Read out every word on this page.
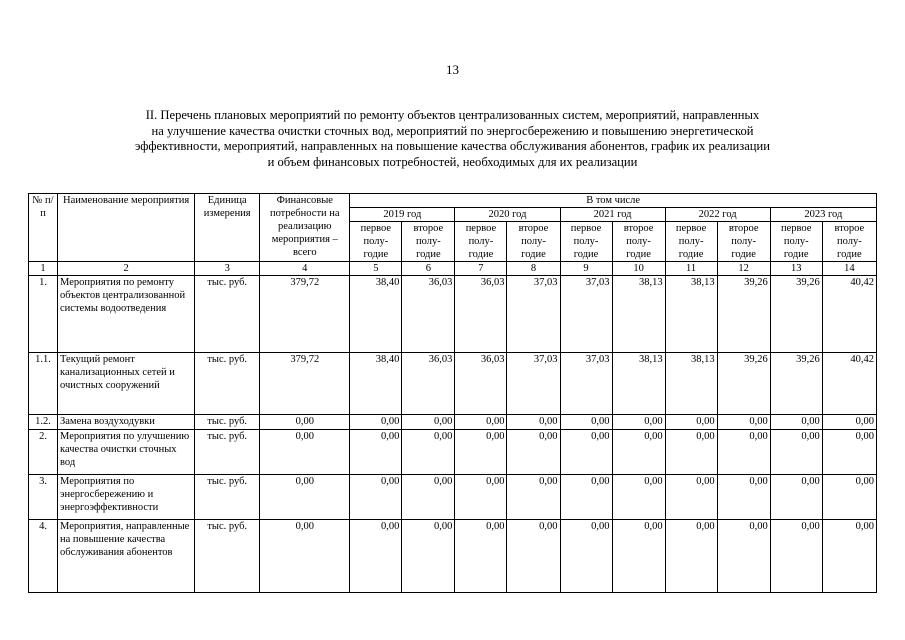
13
II. Перечень плановых мероприятий по ремонту объектов централизованных систем, мероприятий, направленных
на улучшение качества очистки сточных вод, мероприятий по энергосбережению и повышению энергетической
эффективности, мероприятий, направленных на повышение качества обслуживания абонентов, график их реализации
и объем финансовых потребностей, необходимых для их реализации
№ п/п	Наименование мероприятия	Единица измерения	Финансовые потребности на реализацию мероприятия – всего	В том числе									
				2019 год		2020 год		2021 год		2022 год		2023 год	
				первое полу-годие	второе полу-годие	первое полу-годие	второе полу-годие	первое полу-годие	второе полу-годие	первое полу-годие	второе полу-годие	первое полу-годие	второе полу-годие
1	2	3	4	5	6	7	8	9	10	11	12	13	14
1.	Мероприятия по ремонту объектов централизованной системы водоотведения	тыс. руб.	379,72	38,40	36,03	36,03	37,03	37,03	38,13	38,13	39,26	39,26	40,42
1.1.	Текущий ремонт канализационных сетей и очистных сооружений	тыс. руб.	379,72	38,40	36,03	36,03	37,03	37,03	38,13	38,13	39,26	39,26	40,42
1.2.	Замена воздуходувки	тыс. руб.	0,00	0,00	0,00	0,00	0,00	0,00	0,00	0,00	0,00	0,00	0,00
2.	Мероприятия по улучшению качества очистки сточных вод	тыс. руб.	0,00	0,00	0,00	0,00	0,00	0,00	0,00	0,00	0,00	0,00	0,00
3.	Мероприятия по энергосбережению и энергоэффективности	тыс. руб.	0,00	0,00	0,00	0,00	0,00	0,00	0,00	0,00	0,00	0,00	0,00
4.	Мероприятия, направленные на повышение качества обслуживания абонентов	тыс. руб.	0,00	0,00	0,00	0,00	0,00	0,00	0,00	0,00	0,00	0,00	0,00
